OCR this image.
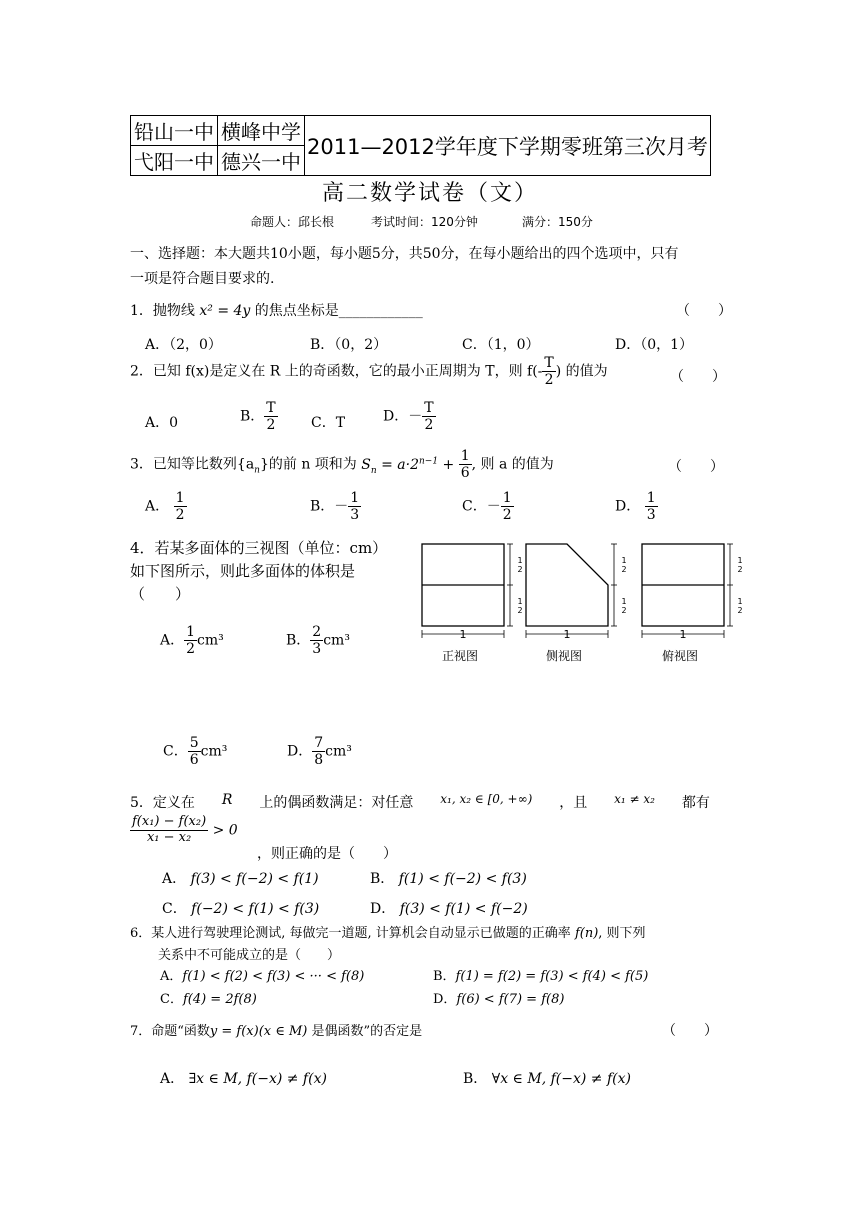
铅山一中	横峰中学	2011—2012学年度下学期零班第三次月考
弋阳一中	德兴一中	
高二数学试卷（文）
命题人：邱长根	考试时间：120分钟	满分：150分
一、选择题：本大题共10小题，每小题5分，共50分，在每小题给出的四个选项中，只有
一项是符合题目要求的.
1．抛物线 x² = 4y 的焦点坐标是____________	（　　）
A．（2，0）	B．（0，2）	C．（1，0）	D．（0，1）
2．已知 f(x)是定义在 R 上的奇函数，它的最小正周期为 T，则 $f(- \frac{T}{2}$ ) 的值为	（　　）
A．0	B． $\frac{T}{2}$ C．T	D．－ $\frac{T}{2}$
3．已知等比数列$\{a_n\}$的前 n 项和为 $S_n = a\cdot 2^{n-1} + \frac{1}{6}$ , 则 a 的值为	（　　）
A． $\frac{1}{2}$	B．－ $\frac{1}{3}$	C．－ $\frac{1}{2}$	D． $\frac{1}{3}$
4．若某多面体的三视图（单位：cm）
如下图所示，则此多面体的体积是
（　　）
A． $\frac{1}{2} cm^3$	B． $\frac{2}{3} cm^3$
C． $\frac{5}{6} cm^3$	D． $\frac{7}{8} cm^3$
1	1	1
1
2
1
2
1
2
1
2
1
2
1
2
正视图	侧视图	俯视图
5．定义在 R 上的偶函数满足：对任意 x₁, x₂ ∈ [0, +∞) ，且 x₁ ≠ x₂ 都有
$\frac{\text{f(x₁) − f(x₂)}}{\text{x₁ − x₂}} > 0$
，则正确的是（　　）
A． f(3) < f(−2) < f(1)	B． f(1) < f(−2) < f(3)
C． f(−2) < f(1) < f(3)	D． f(3) < f(1) < f(−2)
6．某人进行驾驶理论测试, 每做完一道题, 计算机会自动显示已做题的正确率 f(n), 则下列
关系中不可能成立的是（　　）
A．f(1) < f(2) < f(3) < ··· < f(8)	B．f(1) = f(2) = f(3) < f(4) < f(5)
C．f(4) = 2f(8)	D．f(6) < f(7) = f(8)
7．命题“函数y = f(x)(x ∈ M) 是偶函数”的否定是	（　　）
A． ∃x ∈ M, f(−x) ≠ f(x)	B． ∀x ∈ M, f(−x) ≠ f(x)
